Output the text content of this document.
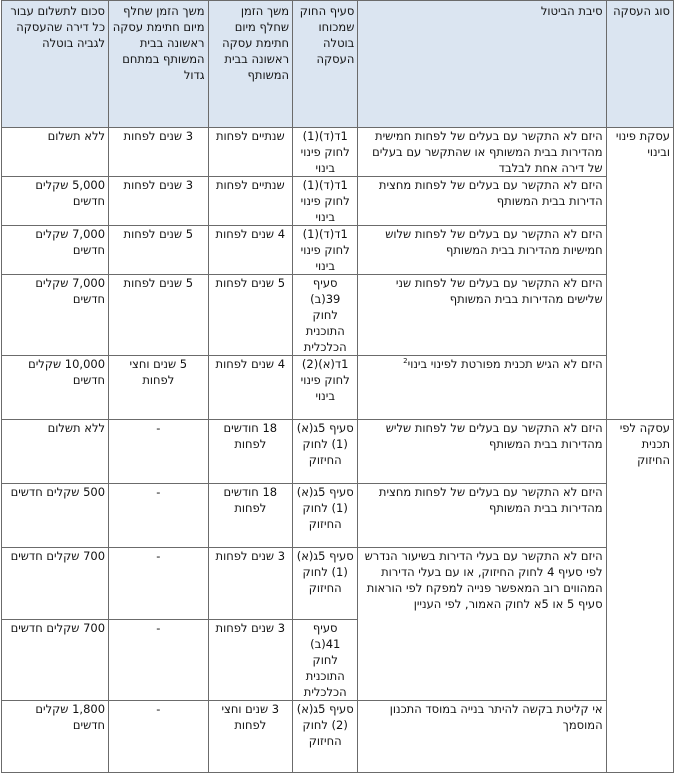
סוג העסקה	סיבת הביטול	סעיף החוק שמכוחו בוטלה העסקה	משך הזמן שחלף מיום חתימת עסקה ראשונה בבית המשותף	משך הזמן שחלף מיום חתימת עסקה ראשונה בבית המשותף במתחם גדול	סכום לתשלום עבור כל דירה שהעסקה לגביה בוטלה
עסקת פינוי ובינוי	היזם לא התקשר עם בעלים של לפחות חמישית מהדירות בבית המשותף או שהתקשר עם בעלים של דירה אחת לבלבד	1ד(ד)(1) לחוק פינוי בינוי	שנתיים לפחות	3 שנים לפחות	ללא תשלום
	היזם לא התקשר עם בעלים של לפחות מחצית הדירות בבית המשותף	1ד(ד)(1) לחוק פינוי בינוי	שנתיים לפחות	3 שנים לפחות	5,000 שקלים חדשים
	היזם לא התקשר עם בעלים של לפחות שלוש חמישיות מהדירות בבית המשותף	1ד(ד)(1) לחוק פינוי בינוי	4 שנים לפחות	5 שנים לפחות	7,000 שקלים חדשים
	היזם לא התקשר עם בעלים של לפחות שני שלישים מהדירות בבית המשותף	סעיף 39(ב) לחוק התוכנית הכלכלית	5 שנים לפחות	5 שנים לפחות	7,000 שקלים חדשים
	היזם לא הגיש תכנית מפורטת לפינוי בינוי$^2$	1ד(א)(2) לחוק פינוי בינוי	4 שנים לפחות	5 שנים וחצי לפחות	10,000 שקלים חדשים
עסקה לפי תכנית החיזוק	היזם לא התקשר עם בעלים של לפחות שליש מהדירות בבית המשותף	סעיף 5ג(א)(1) לחוק החיזוק	18 חודשים לפחות	-	ללא תשלום
	היזם לא התקשר עם בעלים של לפחות מחצית מהדירות בבית המשותף	סעיף 5ג(א)(1) לחוק החיזוק	18 חודשים לפחות	-	500 שקלים חדשים
	היזם לא התקשר עם בעלי הדירות בשיעור הנדרש לפי סעיף 4 לחוק החיזוק, או עם בעלי הדירות המהווים רוב המאפשר פנייה למפקח לפי הוראות סעיף 5 או 5א לחוק האמור, לפי העניין	סעיף 5ג(א)(1) לחוק החיזוק	3 שנים לפחות	-	700 שקלים חדשים
		סעיף 41(ב) לחוק התוכנית הכלכלית	3 שנים לפחות	-	700 שקלים חדשים
	אי קליטת בקשה להיתר בנייה במוסד התכנון המוסמך	סעיף 5ג(א)(2) לחוק החיזוק	3 שנים וחצי לפחות	-	1,800 שקלים חדשים
